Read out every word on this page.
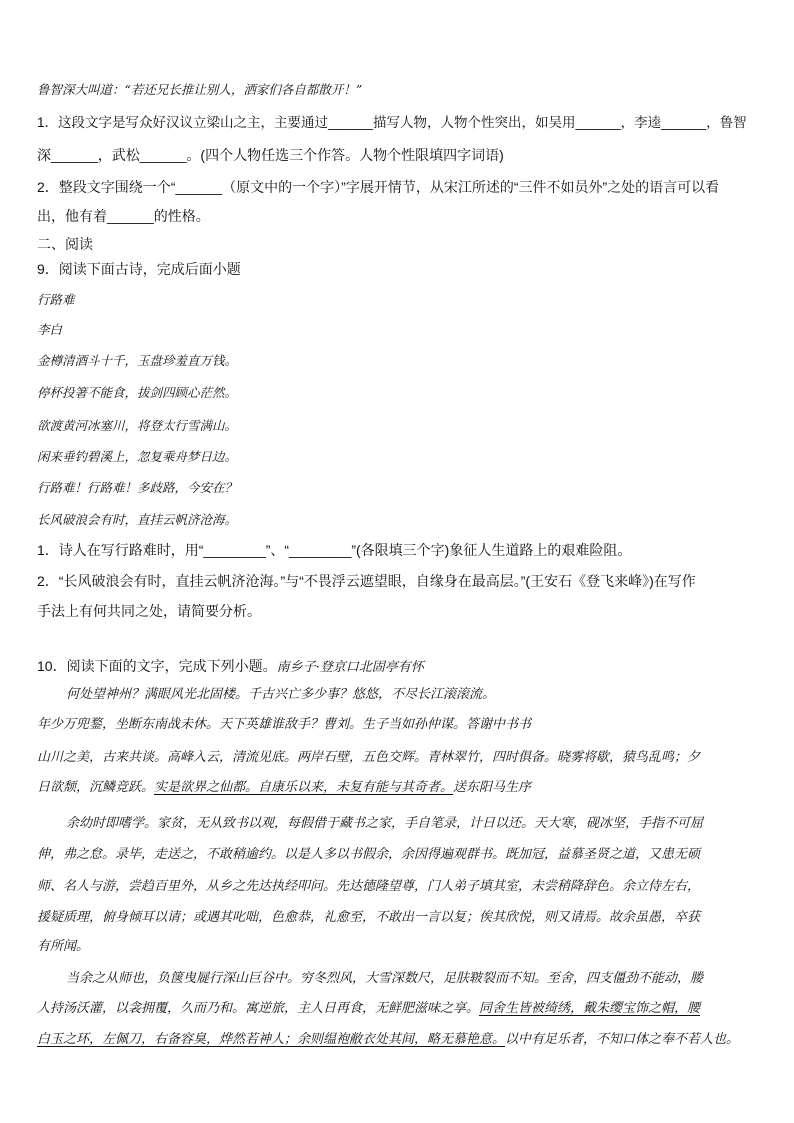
鲁智深大叫道：“若还兄长推让别人，洒家们各自都散开！”
1．这段文字是写众好汉议立梁山之主，主要通过______描写人物，人物个性突出，如吴用______，李逵______，鲁智
深______，武松______。(四个人物任选三个作答。人物个性限填四字词语)
2．整段文字围绕一个“______（原文中的一个字）”字展开情节，从宋江所述的“三件不如员外”之处的语言可以看
出，他有着______的性格。
二、阅读
9．阅读下面古诗，完成后面小题
行路难
李白
金樽清酒斗十千，玉盘珍羞直万钱。
停杯投箸不能食，拔剑四顾心茫然。
欲渡黄河冰塞川，将登太行雪满山。
闲来垂钓碧溪上，忽复乘舟梦日边。
行路难！行路难！多歧路，今安在？
长风破浪会有时，直挂云帆济沧海。
1．诗人在写行路难时，用“________”、“________”(各限填三个字)象征人生道路上的艰难险阻。
2．“长风破浪会有时，直挂云帆济沧海。”与“不畏浮云遮望眼，自缘身在最高层。”(王安石《登飞来峰》)在写作
手法上有何共同之处，请简要分析。
10．阅读下面的文字，完成下列小题。南乡子·登京口北固亭有怀
何处望神州？满眼风光北固楼。千古兴亡多少事？悠悠，不尽长江滚滚流。
年少万兜鍪，坐断东南战未休。天下英雄谁敌手？曹刘。生子当如孙仲谋。答谢中书书
山川之美，古来共谈。高峰入云，清流见底。两岸石壁，五色交辉。青林翠竹，四时俱备。晓雾将歇，猿鸟乱鸣；夕
日欲颓，沉鳞竞跃。实是欲界之仙都。自康乐以来，未复有能与其奇者。送东阳马生序
余幼时即嗜学。家贫，无从致书以观，每假借于藏书之家，手自笔录，计日以还。天大寒，砚冰坚，手指不可屈
伸，弗之怠。录毕，走送之，不敢稍逾约。以是人多以书假余，余因得遍观群书。既加冠，益慕圣贤之道，又患无硕
师、名人与游，尝趋百里外，从乡之先达执经叩问。先达德隆望尊，门人弟子填其室，未尝稍降辞色。余立侍左右，
援疑质理，俯身倾耳以请；或遇其叱咄，色愈恭，礼愈至，不敢出一言以复；俟其欣悦，则又请焉。故余虽愚，卒获
有所闻。
当余之从师也，负箧曳屣行深山巨谷中。穷冬烈风，大雪深数尺，足肤皲裂而不知。至舍，四支僵劲不能动，媵
人持汤沃灌，以衾拥覆，久而乃和。寓逆旅，主人日再食，无鲜肥滋味之享。同舍生皆被绮绣，戴朱缨宝饰之帽，腰
白玉之环，左佩刀，右备容臭，烨然若神人；余则缊袍敝衣处其间，略无慕艳意。以中有足乐者，不知口体之奉不若人也。
